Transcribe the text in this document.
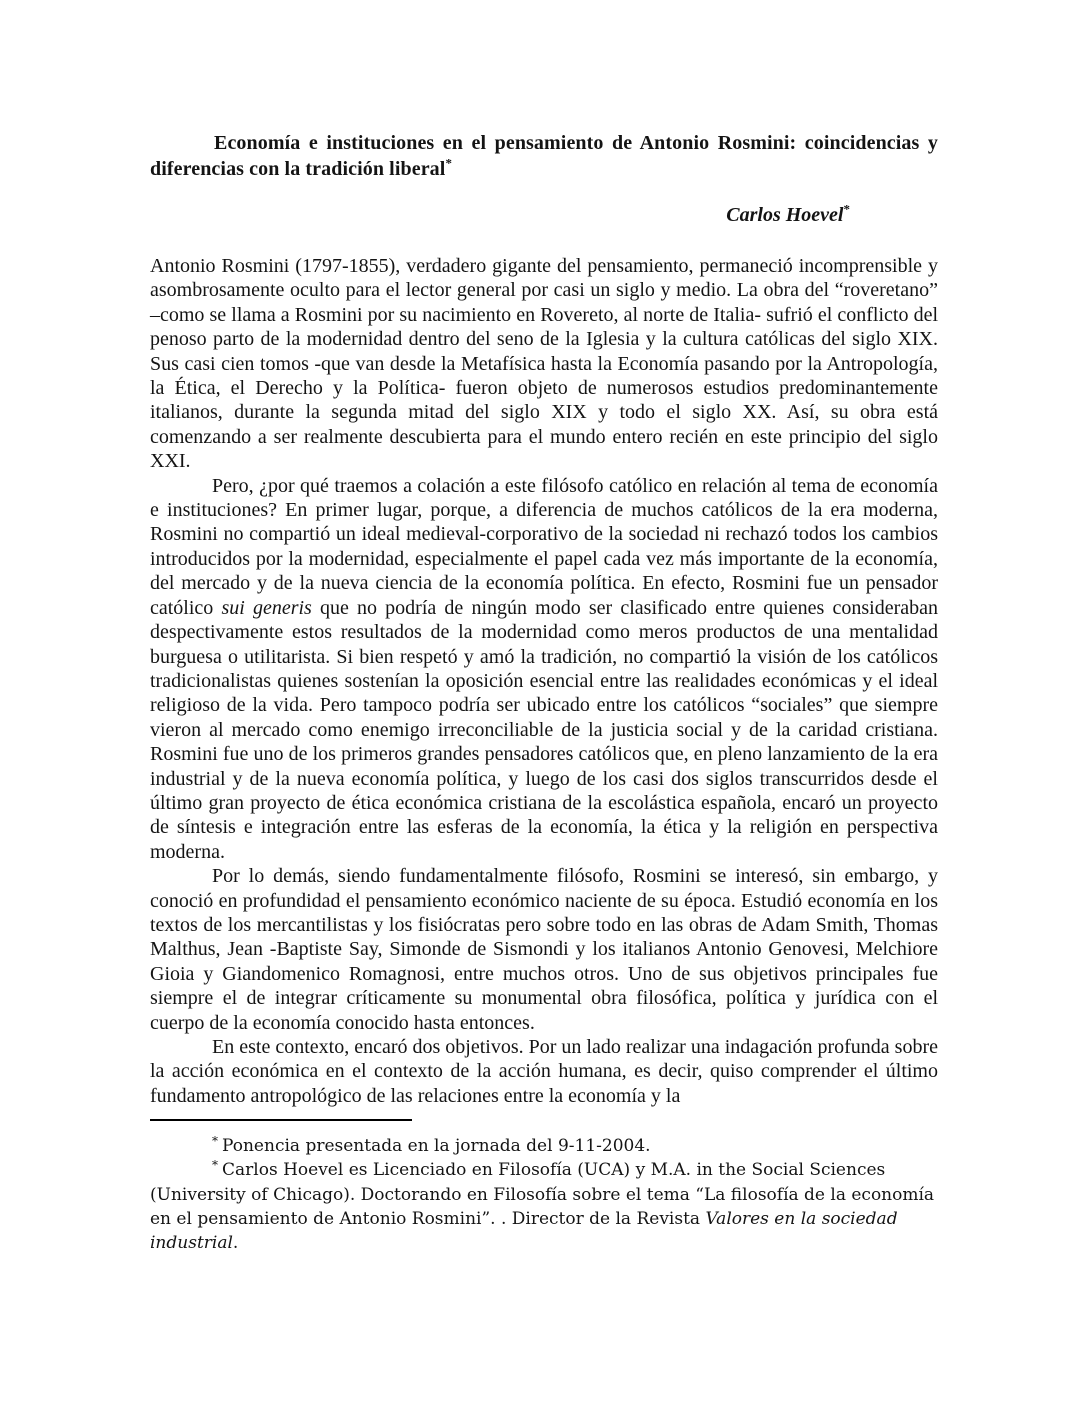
Economía e instituciones en el pensamiento de Antonio Rosmini: coincidencias y diferencias con la tradición liberal*

Carlos Hoevel*

Antonio Rosmini (1797-1855), verdadero gigante del pensamiento, permaneció incomprensible y asombrosamente oculto para el lector general por casi un siglo y medio. La obra del “roveretano” –como se llama a Rosmini por su nacimiento en Rovereto, al norte de Italia- sufrió el conflicto del penoso parto de la modernidad dentro del seno de la Iglesia y la cultura católicas del siglo XIX. Sus casi cien tomos -que van desde la Metafísica hasta la Economía pasando por la Antropología, la Ética, el Derecho y la Política- fueron objeto de numerosos estudios predominantemente italianos, durante la segunda mitad del siglo XIX y todo el siglo XX. Así, su obra está comenzando a ser realmente descubierta para el mundo entero recién en este principio del siglo XXI.

Pero, ¿por qué traemos a colación a este filósofo católico en relación al tema de economía e instituciones? En primer lugar, porque, a diferencia de muchos católicos de la era moderna, Rosmini no compartió un ideal medieval-corporativo de la sociedad ni rechazó todos los cambios introducidos por la modernidad, especialmente el papel cada vez más importante de la economía, del mercado y de la nueva ciencia de la economía política. En efecto, Rosmini fue un pensador católico sui generis que no podría de ningún modo ser clasificado entre quienes consideraban despectivamente estos resultados de la modernidad como meros productos de una mentalidad burguesa o utilitarista. Si bien respetó y amó la tradición, no compartió la visión de los católicos tradicionalistas quienes sostenían la oposición esencial entre las realidades económicas y el ideal religioso de la vida. Pero tampoco podría ser ubicado entre los católicos “sociales” que siempre vieron al mercado como enemigo irreconciliable de la justicia social y de la caridad cristiana. Rosmini fue uno de los primeros grandes pensadores católicos que, en pleno lanzamiento de la era industrial y de la nueva economía política, y luego de los casi dos siglos transcurridos desde el último gran proyecto de ética económica cristiana de la escolástica española, encaró un proyecto de síntesis e integración entre las esferas de la economía, la ética y la religión en perspectiva moderna.

Por lo demás, siendo fundamentalmente filósofo, Rosmini se interesó, sin embargo, y conoció en profundidad el pensamiento económico naciente de su época. Estudió economía en los textos de los mercantilistas y los fisiócratas pero sobre todo en las obras de Adam Smith, Thomas Malthus, Jean -Baptiste Say, Simonde de Sismondi y los italianos Antonio Genovesi, Melchiore Gioia y Giandomenico Romagnosi, entre muchos otros. Uno de sus objetivos principales fue siempre el de integrar críticamente su monumental obra filosófica, política y jurídica con el cuerpo de la economía conocido hasta entonces.

En este contexto, encaró dos objetivos. Por un lado realizar una indagación profunda sobre la acción económica en el contexto de la acción humana, es decir, quiso comprender el último fundamento antropológico de las relaciones entre la economía y la

* Ponencia presentada en la jornada del 9-11-2004.

* Carlos Hoevel es Licenciado en Filosofía (UCA) y M.A. in the Social Sciences (University of Chicago). Doctorando en Filosofía sobre el tema “La filosofía de la economía en el pensamiento de Antonio Rosmini”. . Director de la Revista Valores en la sociedad industrial.
